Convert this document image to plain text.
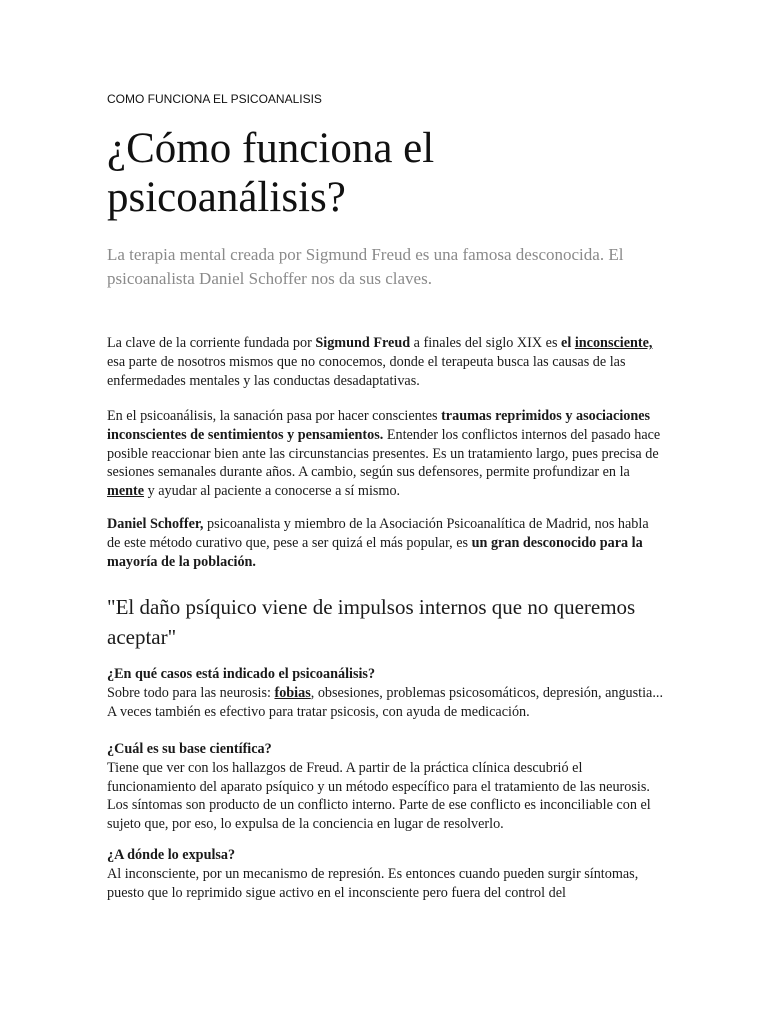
COMO FUNCIONA EL PSICOANALISIS
¿Cómo funciona el
psicoanálisis?

La terapia mental creada por Sigmund Freud es una famosa desconocida. El psicoanalista Daniel Schoffer nos da sus claves.

La clave de la corriente fundada por Sigmund Freud a finales del siglo XIX es el inconsciente, esa parte de nosotros mismos que no conocemos, donde el terapeuta busca las causas de las enfermedades mentales y las conductas desadaptativas.

En el psicoanálisis, la sanación pasa por hacer conscientes traumas reprimidos y asociaciones inconscientes de sentimientos y pensamientos. Entender los conflictos internos del pasado hace posible reaccionar bien ante las circunstancias presentes. Es un tratamiento largo, pues precisa de sesiones semanales durante años. A cambio, según sus defensores, permite profundizar en la mente y ayudar al paciente a conocerse a sí mismo.

Daniel Schoffer, psicoanalista y miembro de la Asociación Psicoanalítica de Madrid, nos habla de este método curativo que, pese a ser quizá el más popular, es un gran desconocido para la mayoría de la población.

"El daño psíquico viene de impulsos internos que no queremos aceptar"

¿En qué casos está indicado el psicoanálisis?
Sobre todo para las neurosis: fobias, obsesiones, problemas psicosomáticos, depresión, angustia... A veces también es efectivo para tratar psicosis, con ayuda de medicación.

¿Cuál es su base científica?
Tiene que ver con los hallazgos de Freud. A partir de la práctica clínica descubrió el funcionamiento del aparato psíquico y un método específico para el tratamiento de las neurosis. Los síntomas son producto de un conflicto interno. Parte de ese conflicto es inconciliable con el sujeto que, por eso, lo expulsa de la conciencia en lugar de resolverlo.

¿A dónde lo expulsa?
Al inconsciente, por un mecanismo de represión. Es entonces cuando pueden surgir síntomas, puesto que lo reprimido sigue activo en el inconsciente pero fuera del control del
